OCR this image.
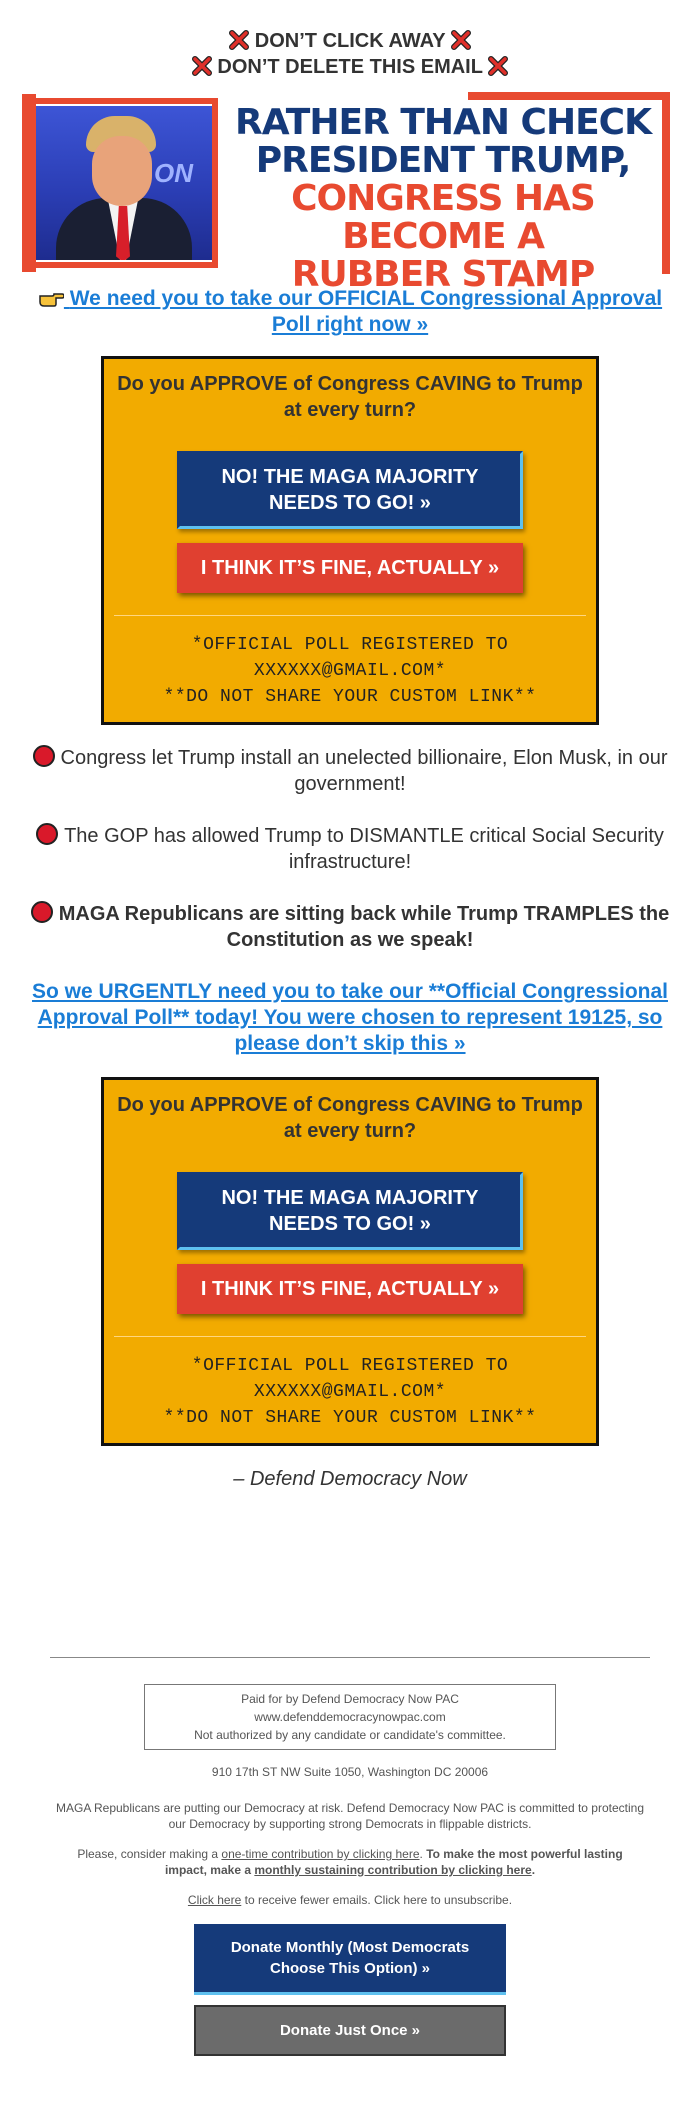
DON’T CLICK AWAY
DON’T DELETE THIS EMAIL
ON
RATHER THAN CHECK
PRESIDENT TRUMP,
CONGRESS HAS BECOME A
RUBBER STAMP
We need you to take our OFFICIAL Congressional Approval Poll right now »
Do you APPROVE of Congress CAVING to Trump at every turn?
NO! THE MAGA MAJORITY NEEDS TO GO! »
I THINK IT’S FINE, ACTUALLY »
*OFFICIAL POLL REGISTERED TO
XXXXXX@GMAIL.COM*
**DO NOT SHARE YOUR CUSTOM LINK**
Congress let Trump install an unelected billionaire, Elon Musk, in our government!
The GOP has allowed Trump to DISMANTLE critical Social Security infrastructure!
MAGA Republicans are sitting back while Trump TRAMPLES the Constitution as we speak!
So we URGENTLY need you to take our **Official Congressional Approval Poll** today! You were chosen to represent 19125, so please don’t skip this »
Do you APPROVE of Congress CAVING to Trump at every turn?
NO! THE MAGA MAJORITY NEEDS TO GO! »
I THINK IT’S FINE, ACTUALLY »
*OFFICIAL POLL REGISTERED TO
XXXXXX@GMAIL.COM*
**DO NOT SHARE YOUR CUSTOM LINK**
– Defend Democracy Now
Paid for by Defend Democracy Now PAC
www.defenddemocracynowpac.com
Not authorized by any candidate or candidate's committee.
910 17th ST NW Suite 1050, Washington DC 20006
MAGA Republicans are putting our Democracy at risk. Defend Democracy Now PAC is committed to protecting our Democracy by supporting strong Democrats in flippable districts.
Please, consider making a one-time contribution by clicking here. To make the most powerful lasting impact, make a monthly sustaining contribution by clicking here.
Click here to receive fewer emails. Click here to unsubscribe.
Donate Monthly (Most Democrats Choose This Option) »
Donate Just Once »
